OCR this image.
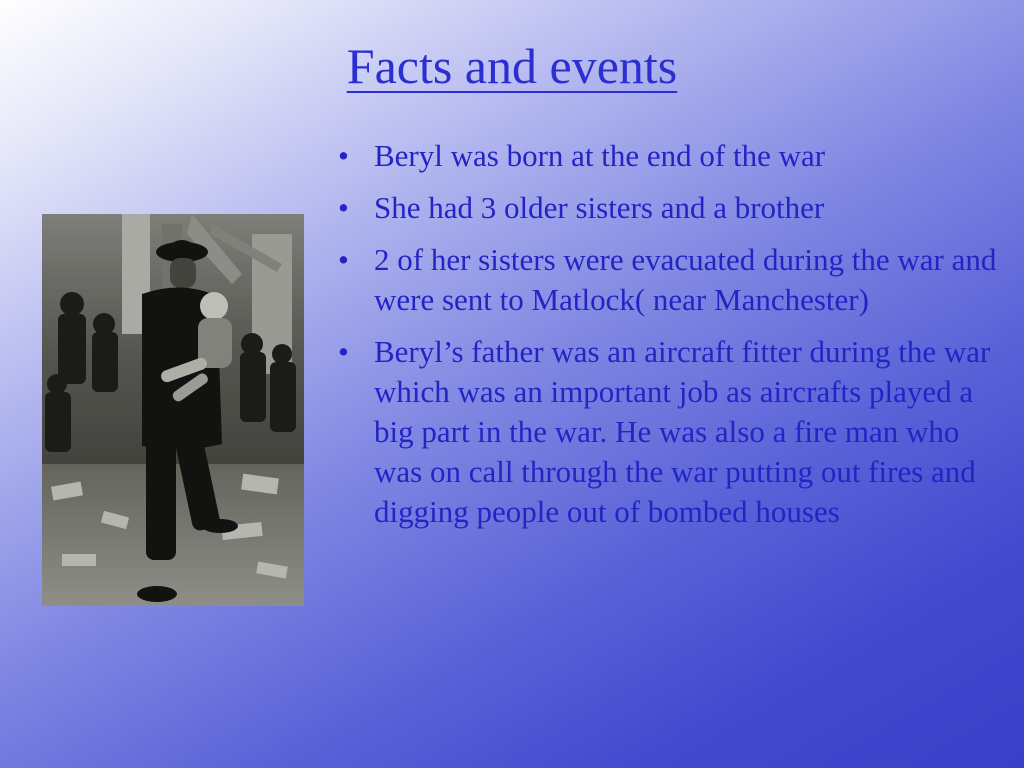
Facts and events
• Beryl was born at the end of the war
• She had 3 older sisters and a brother
• 2 of her sisters were evacuated during the war and were sent to Matlock( near Manchester)
• Beryl’s father was an aircraft fitter during the war which was an important job as aircrafts played a big part in the war. He was also a fire man who was on call through the war putting out fires and digging people out of bombed houses
